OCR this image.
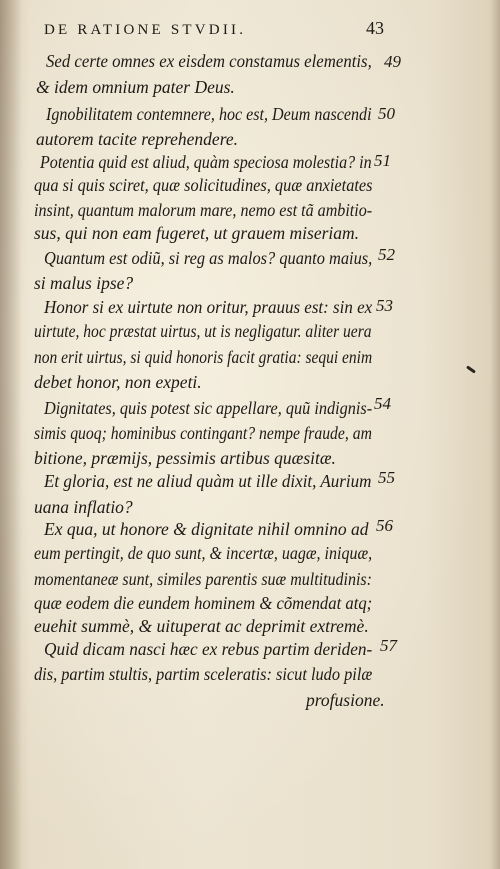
DE RATIONE STVDII.	43
Sed certe omnes ex eisdem constamus elementis,
& idem omnium pater Deus.
Ignobilitatem contemnere, hoc est, Deum nascendi
autorem tacite reprehendere.
Potentia quid est aliud, quàm speciosa molestia? in
qua si quis sciret, quæ solicitudines, quæ anxietates
insint, quantum malorum mare, nemo est tã ambitio-
sus, qui non eam fugeret, ut grauem miseriam.
Quantum est odiũ, si reg as malos? quanto maius,
si malus ipse?
Honor si ex uirtute non oritur, prauus est: sin ex
uirtute, hoc præstat uirtus, ut is negligatur. aliter uera
non erit uirtus, si quid honoris facit gratia: sequi enim
debet honor, non expeti.
Dignitates, quis potest sic appellare, quũ indignis-
simis quoq; hominibus contingant? nempe fraude, am
bitione, præmijs, pessimis artibus quæsitæ.
Et gloria, est ne aliud quàm ut ille dixit, Aurium
uana inflatio?
Ex qua, ut honore & dignitate nihil omnino ad
eum pertingit, de quo sunt, & incertæ, uagæ, iniquæ,
momentaneæ sunt, similes parentis suæ multitudinis:
quæ eodem die eundem hominem & cõmendat atq;
euehit summè, & uituperat ac deprimit extremè.
Quid dicam nasci hæc ex rebus partim deriden-
dis, partim stultis, partim sceleratis: sicut ludo pilæ
profusione.
49
50
51
52
53
54
55
56
57
